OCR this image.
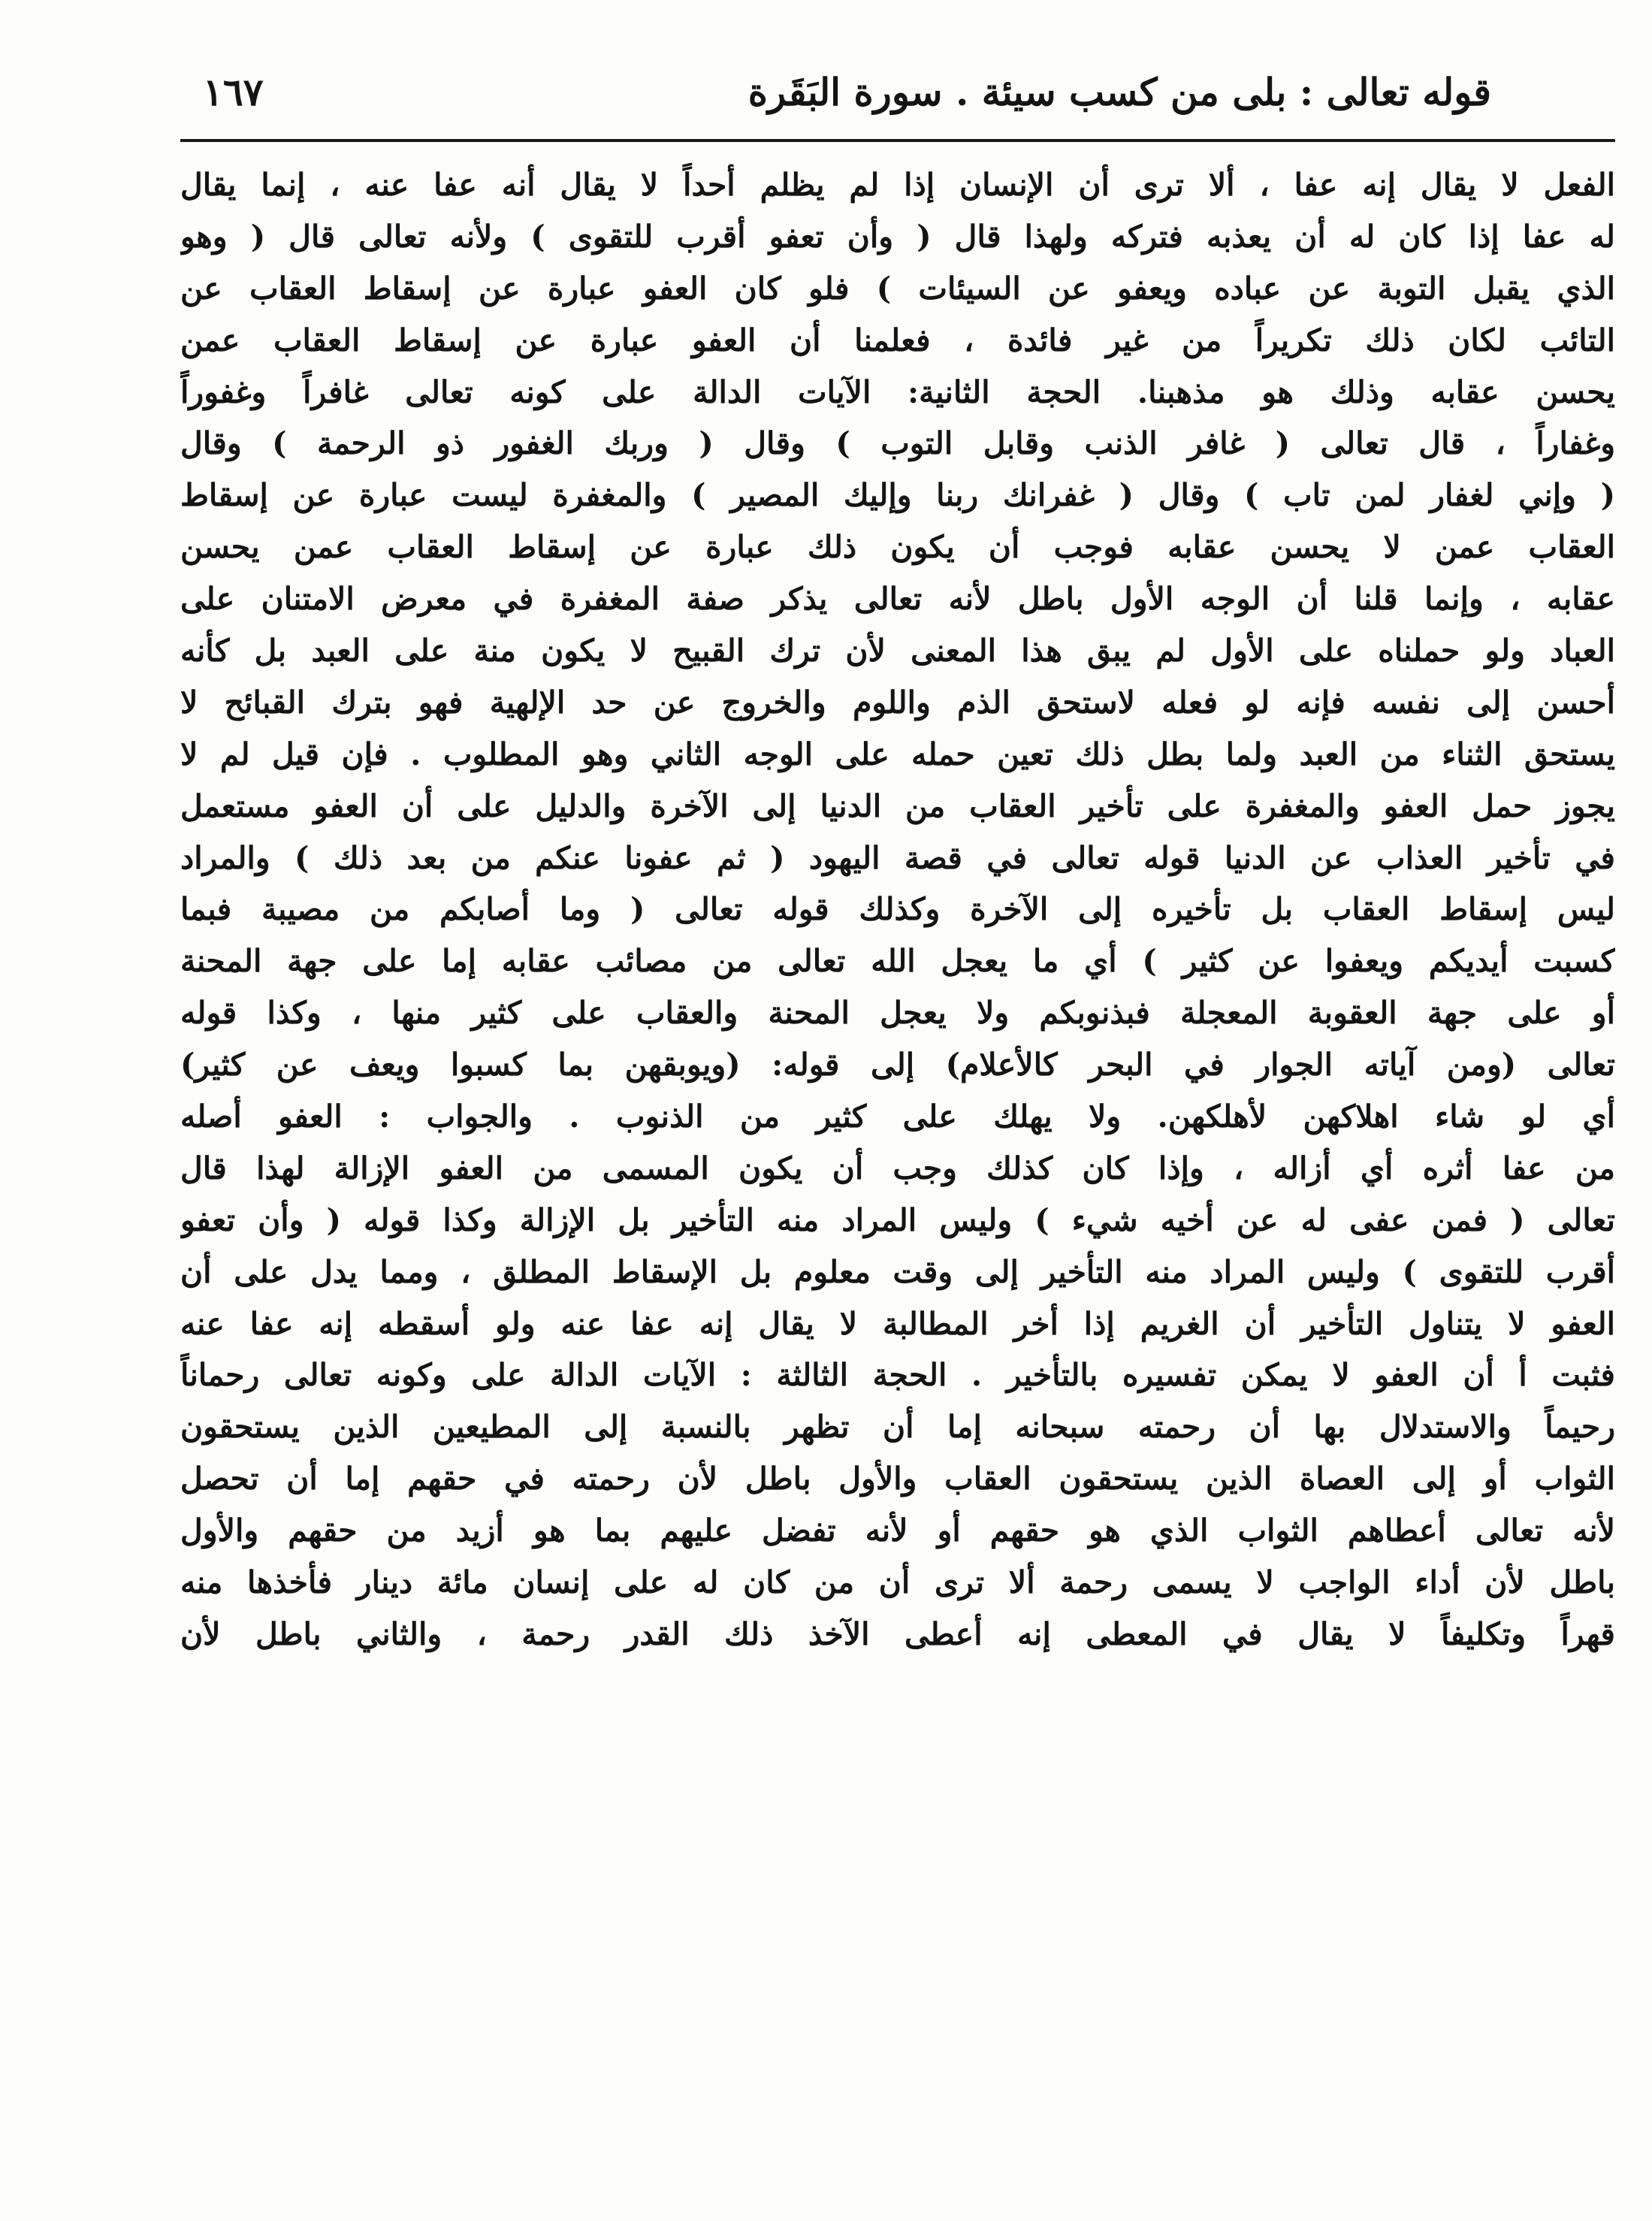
قوله تعالى : بلى من كسب سيئة . سورة البَقَرة
١٦٧
الفعل لا يقال إنه عفا ، ألا ترى أن الإنسان إذا لم يظلم أحداً لا يقال أنه عفا عنه ، إنما يقال
له عفا إذا كان له أن يعذبه فتركه ولهذا قال ( وأن تعفو أقرب للتقوى ) ولأنه تعالى قال ( وهو
الذي يقبل التوبة عن عباده ويعفو عن السيئات ) فلو كان العفو عبارة عن إسقاط العقاب عن
التائب لكان ذلك تكريراً من غير فائدة ، فعلمنا أن العفو عبارة عن إسقاط العقاب عمن
يحسن عقابه وذلك هو مذهبنا. الحجة الثانية: الآيات الدالة على كونه تعالى غافراً وغفوراً
وغفاراً ، قال تعالى ( غافر الذنب وقابل التوب ) وقال ( وربك الغفور ذو الرحمة ) وقال
( وإني لغفار لمن تاب ) وقال ( غفرانك ربنا وإليك المصير ) والمغفرة ليست عبارة عن إسقاط
العقاب عمن لا يحسن عقابه فوجب أن يكون ذلك عبارة عن إسقاط العقاب عمن يحسن
عقابه ، وإنما قلنا أن الوجه الأول باطل لأنه تعالى يذكر صفة المغفرة في معرض الامتنان على
العباد ولو حملناه على الأول لم يبق هذا المعنى لأن ترك القبيح لا يكون منة على العبد بل كأنه
أحسن إلى نفسه فإنه لو فعله لاستحق الذم واللوم والخروج عن حد الإلهية فهو بترك القبائح لا
يستحق الثناء من العبد ولما بطل ذلك تعين حمله على الوجه الثاني وهو المطلوب . فإن قيل لم لا
يجوز حمل العفو والمغفرة على تأخير العقاب من الدنيا إلى الآخرة والدليل على أن العفو مستعمل
في تأخير العذاب عن الدنيا قوله تعالى في قصة اليهود ( ثم عفونا عنكم من بعد ذلك ) والمراد
ليس إسقاط العقاب بل تأخيره إلى الآخرة وكذلك قوله تعالى ( وما أصابكم من مصيبة فبما
كسبت أيديكم ويعفوا عن كثير ) أي ما يعجل الله تعالى من مصائب عقابه إما على جهة المحنة
أو على جهة العقوبة المعجلة فبذنوبكم ولا يعجل المحنة والعقاب على كثير منها ، وكذا قوله
تعالى (ومن آياته الجوار في البحر كالأعلام) إلى قوله: (ويوبقهن بما كسبوا ويعف عن كثير)
أي لو شاء اهلاكهن لأهلكهن. ولا يهلك على كثير من الذنوب . والجواب : العفو أصله
من عفا أثره أي أزاله ، وإذا كان كذلك وجب أن يكون المسمى من العفو الإزالة لهذا قال
تعالى ( فمن عفى له عن أخيه شيء ) وليس المراد منه التأخير بل الإزالة وكذا قوله ( وأن تعفو
أقرب للتقوى ) وليس المراد منه التأخير إلى وقت معلوم بل الإسقاط المطلق ، ومما يدل على أن
العفو لا يتناول التأخير أن الغريم إذا أخر المطالبة لا يقال إنه عفا عنه ولو أسقطه إنه عفا عنه
فثبت أ أن العفو لا يمكن تفسيره بالتأخير . الحجة الثالثة : الآيات الدالة على وكونه تعالى رحماناً
رحيماً والاستدلال بها أن رحمته سبحانه إما أن تظهر بالنسبة إلى المطيعين الذين يستحقون
الثواب أو إلى العصاة الذين يستحقون العقاب والأول باطل لأن رحمته في حقهم إما أن تحصل
لأنه تعالى أعطاهم الثواب الذي هو حقهم أو لأنه تفضل عليهم بما هو أزيد من حقهم والأول
باطل لأن أداء الواجب لا يسمى رحمة ألا ترى أن من كان له على إنسان مائة دينار فأخذها منه
قهراً وتكليفاً لا يقال في المعطى إنه أعطى الآخذ ذلك القدر رحمة ، والثاني باطل لأن
